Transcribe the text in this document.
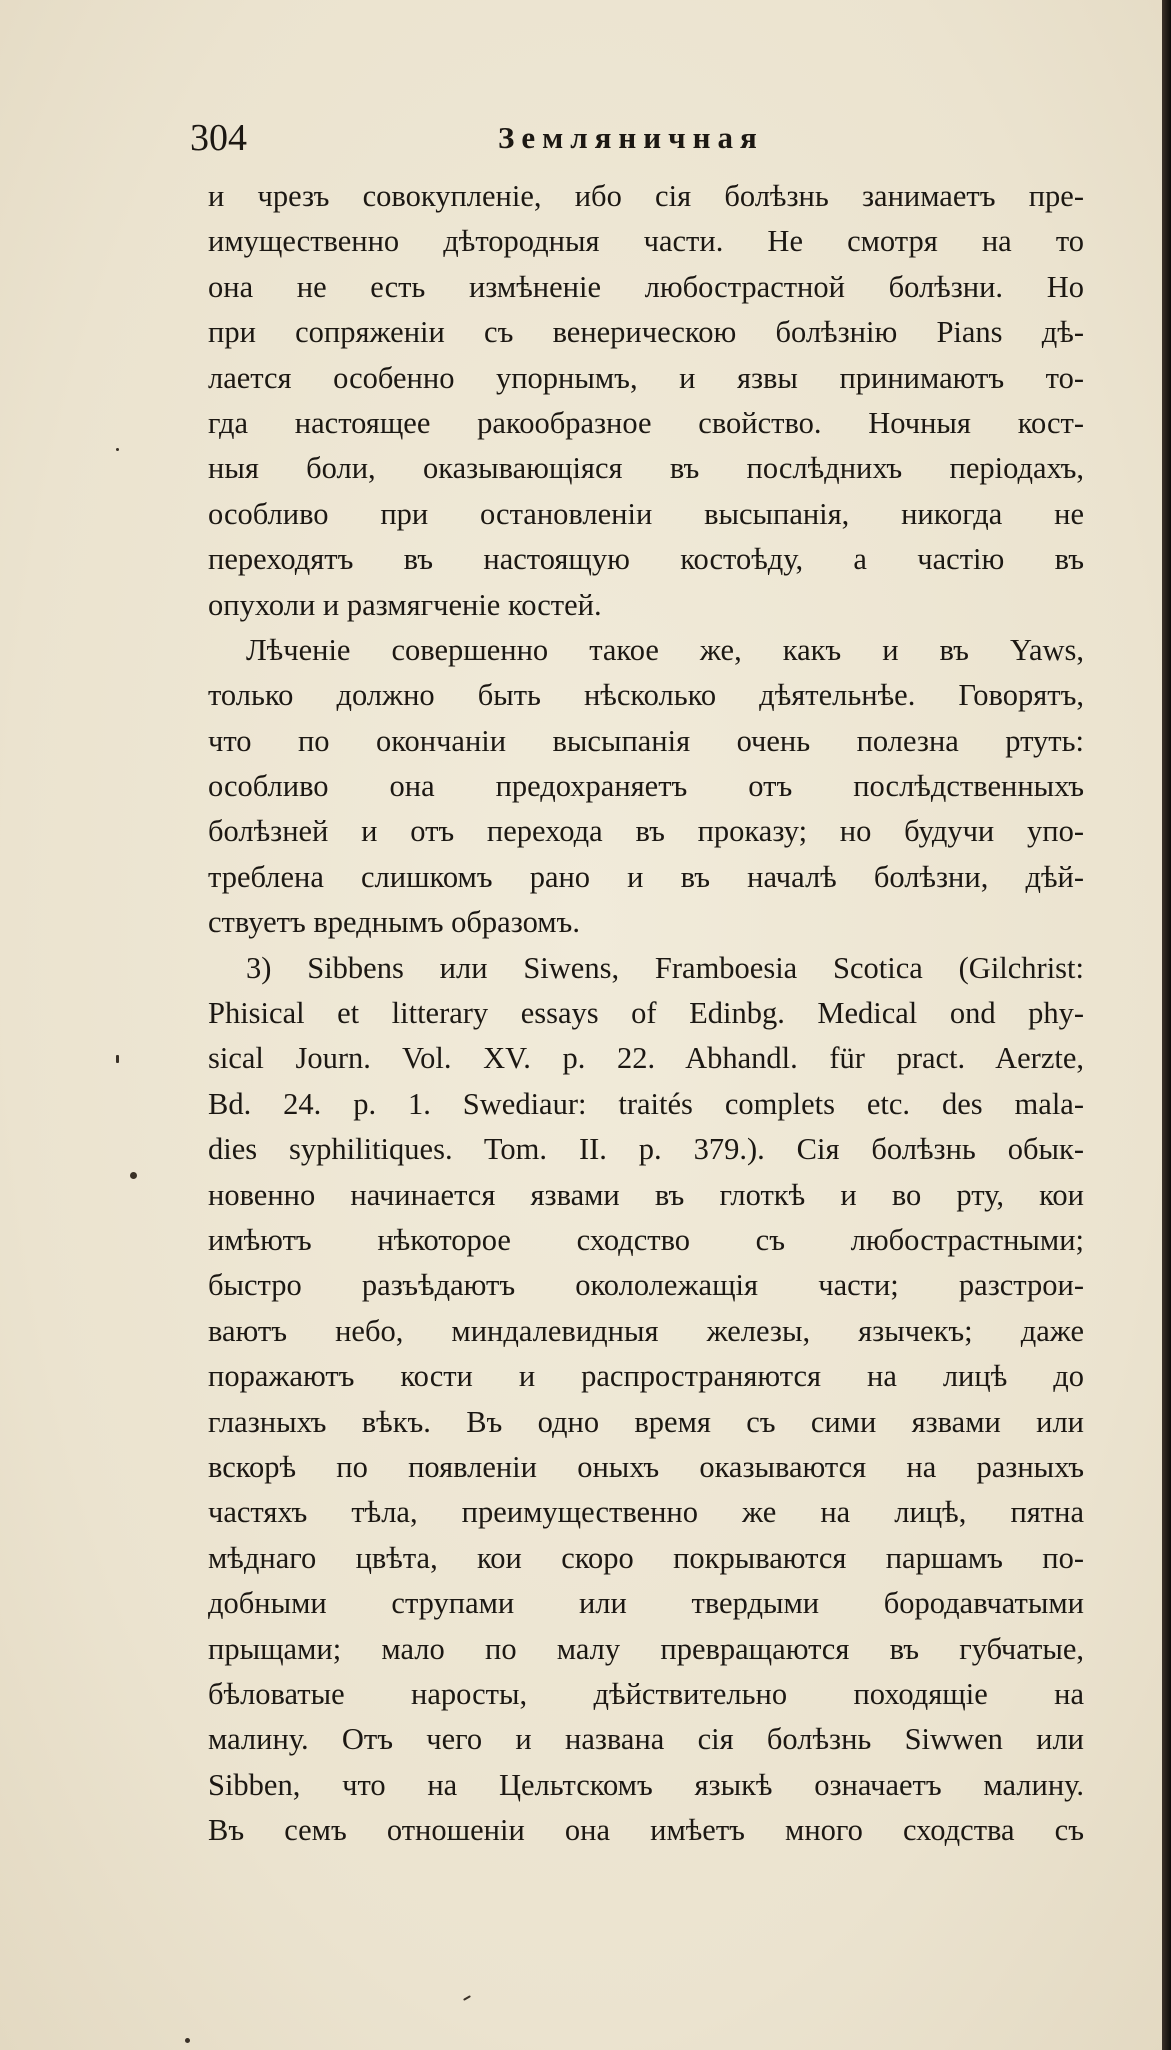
304	Земляничная
и чрезъ совокупленіе, ибо сія болѣзнь занимаетъ пре-
имущественно дѣтородныя части. Не смотря на то
она не есть измѣненіе любострастной болѣзни. Но
при сопряженіи съ венерическою болѣзнію Pians дѣ-
лается особенно упорнымъ, и язвы принимаютъ то-
гда настоящее ракообразное свойство. Ночныя кост-
ныя боли, оказывающіяся въ послѣднихъ періодахъ,
особливо при остановленіи высыпанія, никогда не
переходятъ въ настоящую костоѣду, а частію въ
опухоли и размягченіе костей.
Лѣченіе совершенно такое же, какъ и въ Yaws,
только должно быть нѣсколько дѣятельнѣе. Говорятъ,
что по окончаніи высыпанія очень полезна ртуть:
особливо она предохраняетъ отъ послѣдственныхъ
болѣзней и отъ перехода въ проказу; но будучи упо-
треблена слишкомъ рано и въ началѣ болѣзни, дѣй-
ствуетъ вреднымъ образомъ.
3) Sibbens или Siwens, Framboesia Scotica (Gilchrist:
Phisical et litterary essays of Edinbg. Medical ond phy-
sical Journ. Vol. XV. p. 22. Abhandl. für pract. Aerzte,
Bd. 24. p. 1. Swediaur: traités complets etc. des mala-
dies syphilitiques. Tom. II. p. 379.). Сія болѣзнь обык-
новенно начинается язвами въ глоткѣ и во рту, кои
имѣютъ нѣкоторое сходство съ любострастными;
быстро разъѣдаютъ окололежащія части; разстрои-
ваютъ небо, миндалевидныя железы, язычекъ; даже
поражаютъ кости и распространяются на лицѣ до
глазныхъ вѣкъ. Въ одно время съ сими язвами или
вскорѣ по появленіи оныхъ оказываются на разныхъ
частяхъ тѣла, преимущественно же на лицѣ, пятна
мѣднаго цвѣта, кои скоро покрываются паршамъ по-
добными струпами или твердыми бородавчатыми
прыщами; мало по малу превращаются въ губчатые,
бѣловатые наросты, дѣйствительно походящіе на
малину. Отъ чего и названа сія болѣзнь Siwwen или
Sibben, что на Цельтскомъ языкѣ означаетъ малину.
Въ семъ отношеніи она имѣетъ много сходства съ
